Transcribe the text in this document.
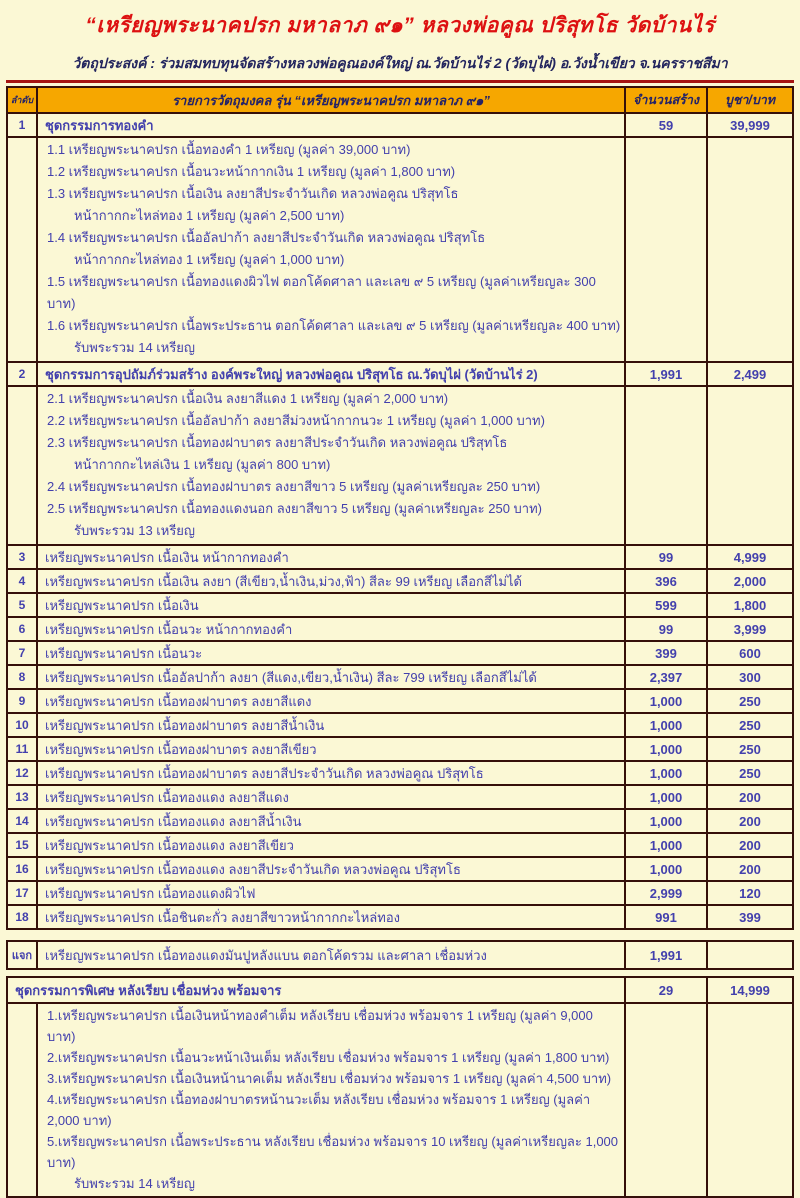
“เหรียญพระนาคปรก มหาลาภ ๙๑” หลวงพ่อคูณ ปริสุทโธ วัดบ้านไร่
วัตถุประสงค์ : ร่วมสมทบทุนจัดสร้างหลวงพ่อคูณองค์ใหญ่ ณ.วัดบ้านไร่ 2 (วัดบุไผ่) อ.วังน้ำเขียว จ.นครราชสีมา
ลำดับ	รายการวัตถุมงคล รุ่น “เหรียญพระนาคปรก มหาลาภ ๙๑”	จำนวนสร้าง	บูชา/บาท
1	ชุดกรรมการทองคำ	59	39,999
1.1 เหรียญพระนาคปรก เนื้อทองคำ 1 เหรียญ (มูลค่า 39,000 บาท)
1.2 เหรียญพระนาคปรก เนื้อนวะหน้ากากเงิน 1 เหรียญ (มูลค่า 1,800 บาท)
1.3 เหรียญพระนาคปรก เนื้อเงิน ลงยาสีประจำวันเกิด หลวงพ่อคูณ ปริสุทโธ
หน้ากากกะไหล่ทอง 1 เหรียญ (มูลค่า 2,500 บาท)
1.4 เหรียญพระนาคปรก เนื้ออัลปาก้า ลงยาสีประจำวันเกิด หลวงพ่อคูณ ปริสุทโธ
หน้ากากกะไหล่ทอง 1 เหรียญ (มูลค่า 1,000 บาท)
1.5 เหรียญพระนาคปรก เนื้อทองแดงผิวไฟ ตอกโค้ดศาลา และเลข ๙ 5 เหรียญ (มูลค่าเหรียญละ 300 บาท)
1.6 เหรียญพระนาคปรก เนื้อพระประธาน ตอกโค้ดศาลา และเลข ๙ 5 เหรียญ (มูลค่าเหรียญละ 400 บาท)
รับพระรวม 14 เหรียญ
2	ชุดกรรมการอุปถัมภ์ร่วมสร้าง องค์พระใหญ่ หลวงพ่อคูณ ปริสุทโธ ณ.วัดบุไผ่ (วัดบ้านไร่ 2)	1,991	2,499
2.1 เหรียญพระนาคปรก เนื้อเงิน ลงยาสีแดง 1 เหรียญ (มูลค่า 2,000 บาท)
2.2 เหรียญพระนาคปรก เนื้ออัลปาก้า ลงยาสีม่วงหน้ากากนวะ 1 เหรียญ (มูลค่า 1,000 บาท)
2.3 เหรียญพระนาคปรก เนื้อทองฝาบาตร ลงยาสีประจำวันเกิด หลวงพ่อคูณ ปริสุทโธ
หน้ากากกะไหล่เงิน 1 เหรียญ (มูลค่า 800 บาท)
2.4 เหรียญพระนาคปรก เนื้อทองฝาบาตร ลงยาสีขาว 5 เหรียญ (มูลค่าเหรียญละ 250 บาท)
2.5 เหรียญพระนาคปรก เนื้อทองแดงนอก ลงยาสีขาว 5 เหรียญ (มูลค่าเหรียญละ 250 บาท)
รับพระรวม 13 เหรียญ
3	เหรียญพระนาคปรก เนื้อเงิน หน้ากากทองคำ	99	4,999
4	เหรียญพระนาคปรก เนื้อเงิน ลงยา (สีเขียว,น้ำเงิน,ม่วง,ฟ้า) สีละ 99 เหรียญ เลือกสีไม่ได้	396	2,000
5	เหรียญพระนาคปรก เนื้อเงิน	599	1,800
6	เหรียญพระนาคปรก เนื้อนวะ หน้ากากทองคำ	99	3,999
7	เหรียญพระนาคปรก เนื้อนวะ	399	600
8	เหรียญพระนาคปรก เนื้ออัลปาก้า ลงยา (สีแดง,เขียว,น้ำเงิน) สีละ 799 เหรียญ เลือกสีไม่ได้	2,397	300
9	เหรียญพระนาคปรก เนื้อทองฝาบาตร ลงยาสีแดง	1,000	250
10	เหรียญพระนาคปรก เนื้อทองฝาบาตร ลงยาสีน้ำเงิน	1,000	250
11	เหรียญพระนาคปรก เนื้อทองฝาบาตร ลงยาสีเขียว	1,000	250
12	เหรียญพระนาคปรก เนื้อทองฝาบาตร ลงยาสีประจำวันเกิด หลวงพ่อคูณ ปริสุทโธ	1,000	250
13	เหรียญพระนาคปรก เนื้อทองแดง ลงยาสีแดง	1,000	200
14	เหรียญพระนาคปรก เนื้อทองแดง ลงยาสีน้ำเงิน	1,000	200
15	เหรียญพระนาคปรก เนื้อทองแดง ลงยาสีเขียว	1,000	200
16	เหรียญพระนาคปรก เนื้อทองแดง ลงยาสีประจำวันเกิด หลวงพ่อคูณ ปริสุทโธ	1,000	200
17	เหรียญพระนาคปรก เนื้อทองแดงผิวไฟ	2,999	120
18	เหรียญพระนาคปรก เนื้อชินตะกั่ว ลงยาสีขาวหน้ากากกะไหล่ทอง	991	399
แจก เหรียญพระนาคปรก เนื้อทองแดงมันปูหลังแบน ตอกโค้ดรวม และศาลา เชื่อมห่วง	1,991
ชุดกรรมการพิเศษ หลังเรียบ เชื่อมห่วง พร้อมจาร	29	14,999
1.เหรียญพระนาคปรก เนื้อเงินหน้าทองคำเต็ม หลังเรียบ เชื่อมห่วง พร้อมจาร 1 เหรียญ (มูลค่า 9,000 บาท)
2.เหรียญพระนาคปรก เนื้อนวะหน้าเงินเต็ม หลังเรียบ เชื่อมห่วง พร้อมจาร 1 เหรียญ (มูลค่า 1,800 บาท)
3.เหรียญพระนาคปรก เนื้อเงินหน้านาคเต็ม หลังเรียบ เชื่อมห่วง พร้อมจาร 1 เหรียญ (มูลค่า 4,500 บาท)
4.เหรียญพระนาคปรก เนื้อทองฝาบาตรหน้านวะเต็ม หลังเรียบ เชื่อมห่วง พร้อมจาร 1 เหรียญ (มูลค่า 2,000 บาท)
5.เหรียญพระนาคปรก เนื้อพระประธาน หลังเรียบ เชื่อมห่วง พร้อมจาร 10 เหรียญ (มูลค่าเหรียญละ 1,000 บาท)
รับพระรวม 14 เหรียญ
